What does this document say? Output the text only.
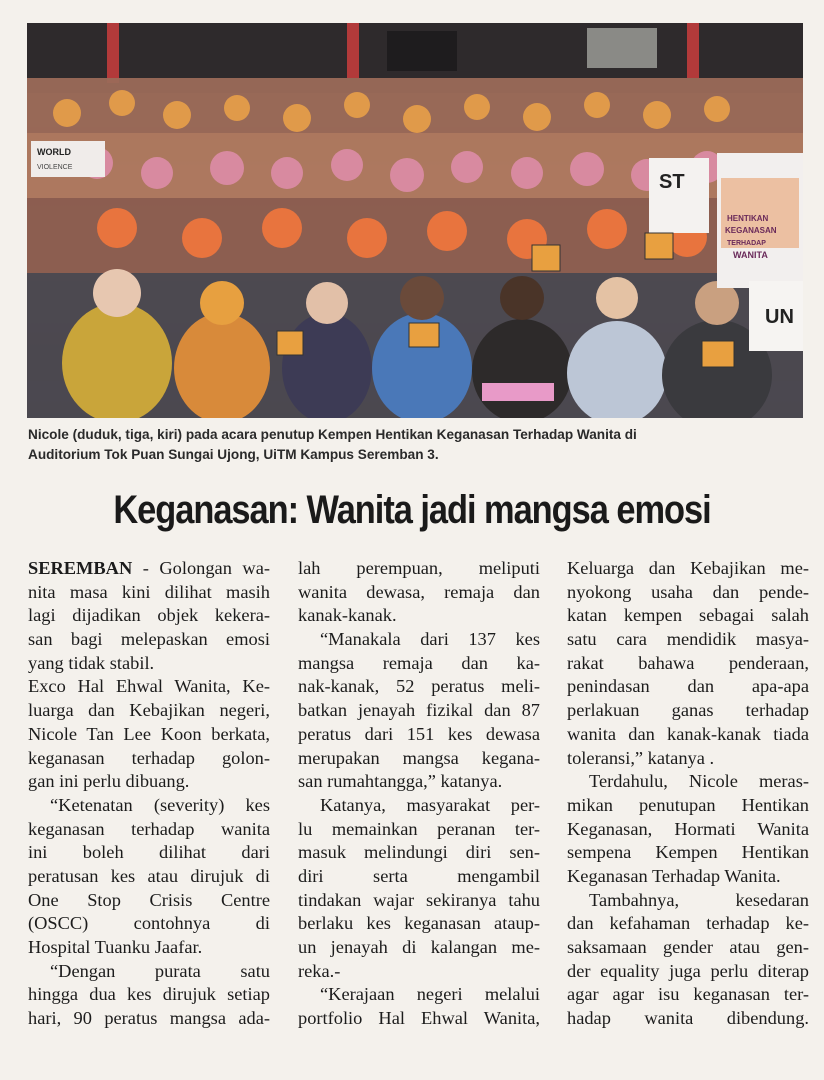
WORLD
VIOLENCE
ST
HENTIKAN
KEGANASAN
TERHADAP
WANITA
UN
Nicole (duduk, tiga, kiri) pada acara penutup Kempen Hentikan Keganasan Terhadap Wanita di
Auditorium Tok Puan Sungai Ujong, UiTM Kampus Seremban 3.
Keganasan: Wanita jadi mangsa emosi
SEREMBAN - Golongan wa-
nita masa kini dilihat masih
lagi dijadikan objek kekera-
san bagi melepaskan emosi
yang tidak stabil.
Exco Hal Ehwal Wanita, Ke-
luarga dan Kebajikan negeri,
Nicole Tan Lee Koon berkata,
keganasan terhadap golon-
gan ini perlu dibuang.
“Ketenatan (severity) kes
keganasan terhadap wanita
ini boleh dilihat dari
peratusan kes atau dirujuk di
One Stop Crisis Centre
(OSCC) contohnya di
Hospital Tuanku Jaafar.
“Dengan purata satu
hingga dua kes dirujuk setiap
hari, 90 peratus mangsa ada-
lah perempuan, meliputi
wanita dewasa, remaja dan
kanak-kanak.
“Manakala dari 137 kes
mangsa remaja dan ka-
nak-kanak, 52 peratus meli-
batkan jenayah fizikal dan 87
peratus dari 151 kes dewasa
merupakan mangsa kegana-
san rumahtangga,” katanya.
Katanya, masyarakat per-
lu memainkan peranan ter-
masuk melindungi diri sen-
diri serta mengambil
tindakan wajar sekiranya tahu
berlaku kes keganasan ataup-
un jenayah di kalangan me-
reka.-
“Kerajaan negeri melalui
portfolio Hal Ehwal Wanita,
Keluarga dan Kebajikan me-
nyokong usaha dan pende-
katan kempen sebagai salah
satu cara mendidik masya-
rakat bahawa penderaan,
penindasan dan apa-apa
perlakuan ganas terhadap
wanita dan kanak-kanak tiada
toleransi,” katanya .
Terdahulu, Nicole meras-
mikan penutupan Hentikan
Keganasan, Hormati Wanita
sempena Kempen Hentikan
Keganasan Terhadap Wanita.
Tambahnya, kesedaran
dan kefahaman terhadap ke-
saksamaan gender atau gen-
der equality juga perlu diterap
agar agar isu keganasan ter-
hadap wanita dibendung.
